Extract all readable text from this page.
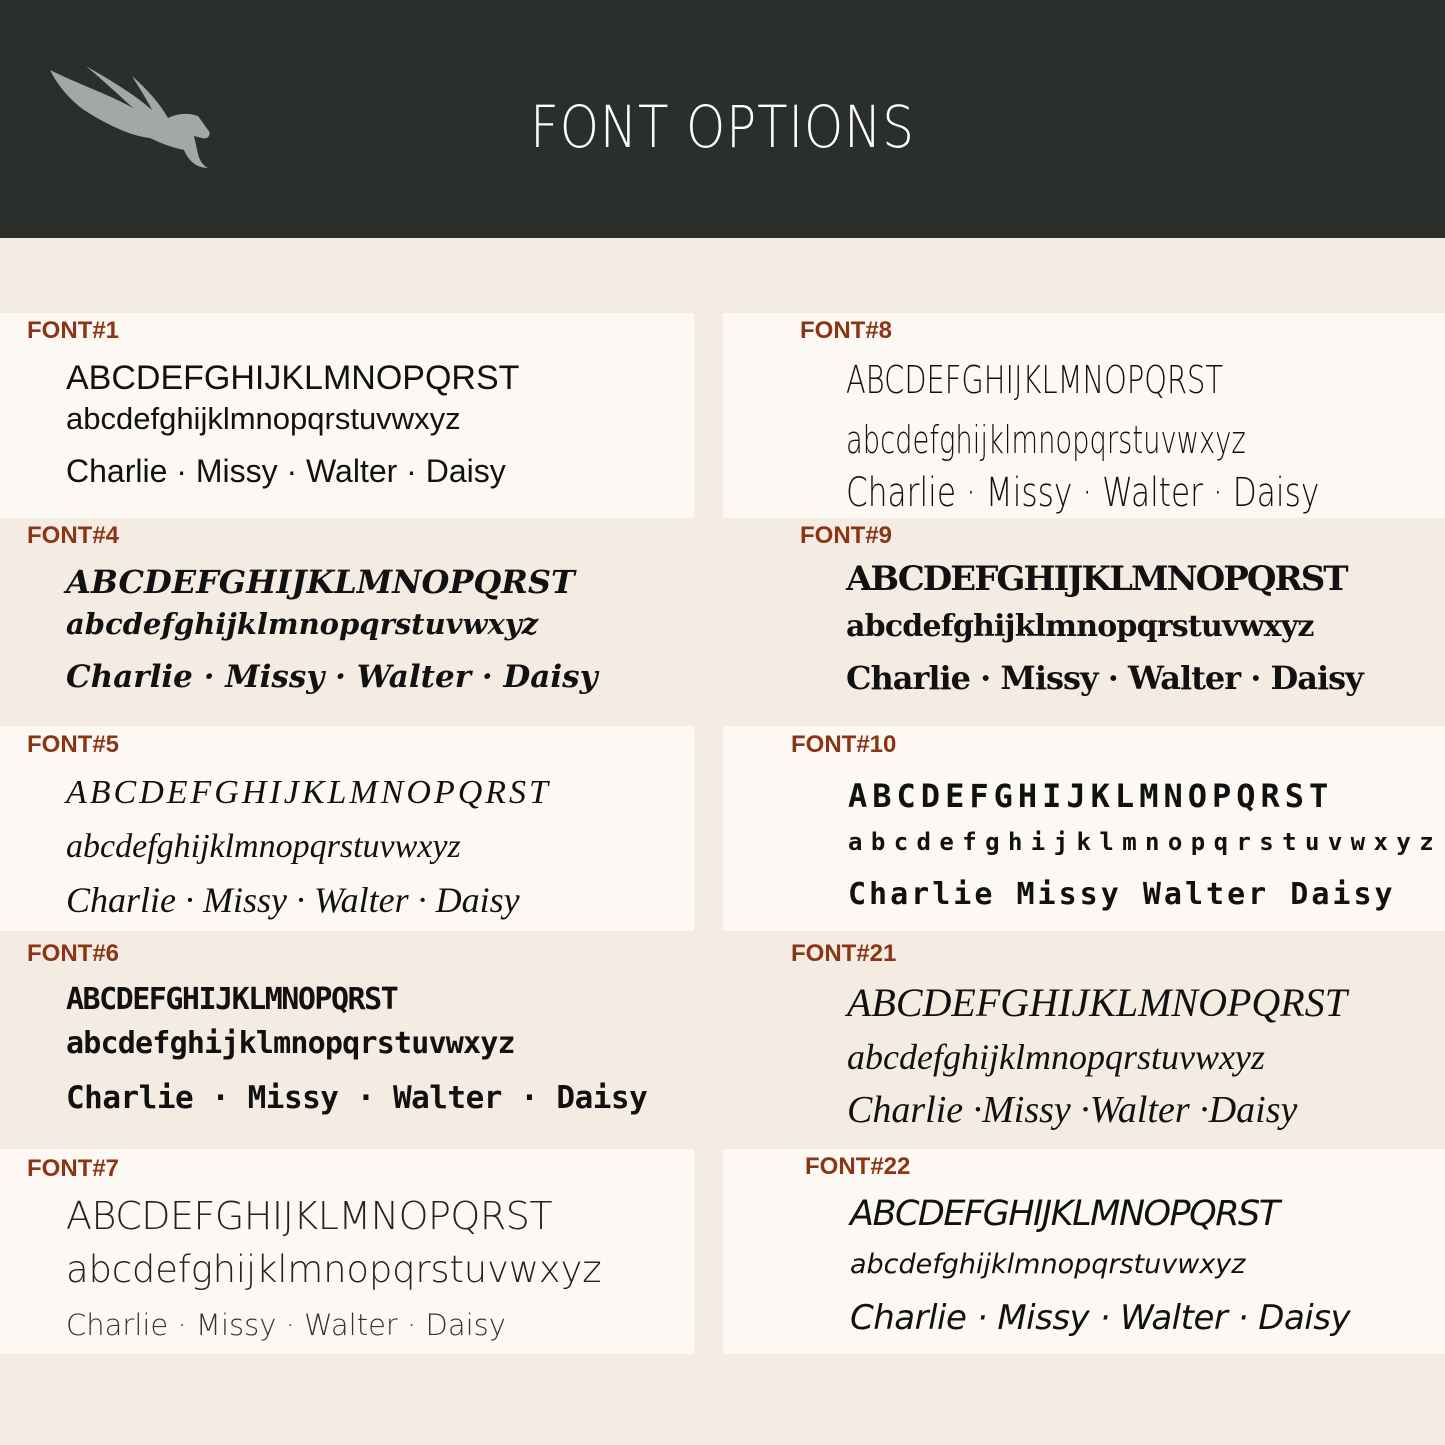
FONT OPTIONS
FONT#1
ABCDEFGHIJKLMNOPQRST
abcdefghijklmnopqrstuvwxyz
Charlie · Missy · Walter · Daisy
FONT#4
ABCDEFGHIJKLMNOPQRST
abcdefghijklmnopqrstuvwxyz
Charlie · Missy · Walter · Daisy
FONT#5
ABCDEFGHIJKLMNOPQRST
abcdefghijklmnopqrstuvwxyz
Charlie · Missy · Walter · Daisy
FONT#6
ABCDEFGHIJKLMNOPQRST
abcdefghijklmnopqrstuvwxyz
Charlie · Missy · Walter · Daisy
FONT#7
ABCDEFGHIJKLMNOPQRST
abcdefghijklmnopqrstuvwxyz
Charlie · Missy · Walter · Daisy
FONT#8
ABCDEFGHIJKLMNOPQRST
abcdefghijklmnopqrstuvwxyz
Charlie · Missy · Walter · Daisy
FONT#9
ABCDEFGHIJKLMNOPQRST
abcdefghijklmnopqrstuvwxyz
Charlie · Missy · Walter · Daisy
FONT#10
ABCDEFGHIJKLMNOPQRST
abcdefghijklmnopqrstuvwxyz
Charlie Missy Walter Daisy
FONT#21
ABCDEFGHIJKLMNOPQRST
abcdefghijklmnopqrstuvwxyz
Charlie ·Missy ·Walter ·Daisy
FONT#22
ABCDEFGHIJKLMNOPQRST
abcdefghijklmnopqrstuvwxyz
Charlie · Missy · Walter · Daisy
